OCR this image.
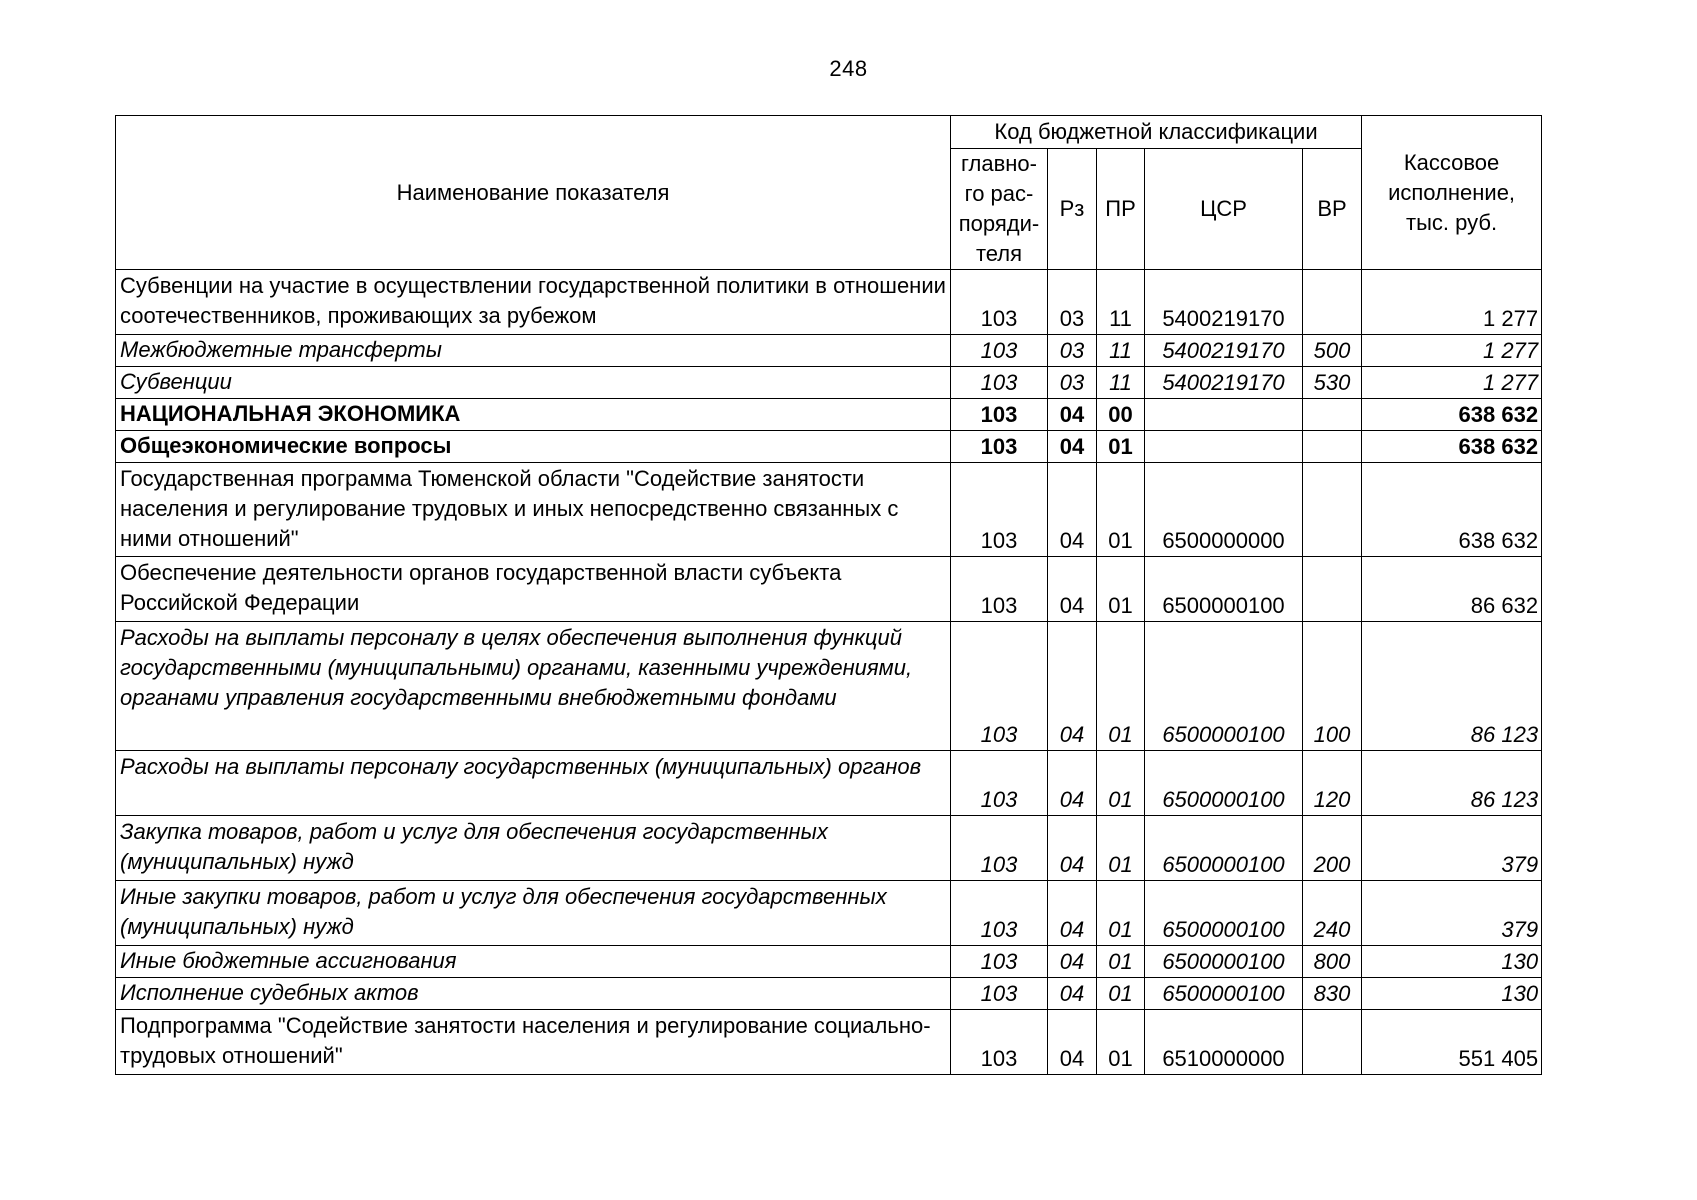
248
Наименование показателя	Код бюджетной классификации					Кассовое
исполнение,
тыс. руб.

	главно-
го рас-
поряди-
теля	Рз	ПР	ЦСР	ВР	
Субвенции на участие в осуществлении государственной политики в отношении соотечественников, проживающих за рубежом	103	03	11	5400219170		1 277
Межбюджетные трансферты	103	03	11	5400219170	500	1 277
Субвенции	103	03	11	5400219170	530	1 277
НАЦИОНАЛЬНАЯ ЭКОНОМИКА	103	04	00			638 632
Общеэкономические вопросы	103	04	01			638 632
Государственная программа Тюменской области "Содействие занятости населения и регулирование трудовых и иных непосредственно связанных с ними отношений"	103	04	01	6500000000		638 632
Обеспечение деятельности органов государственной власти субъекта Российской Федерации	103	04	01	6500000100		86 632
Расходы на выплаты персоналу в целях обеспечения выполнения функций государственными (муниципальными) органами, казенными учреждениями, органами управления государственными внебюджетными фондами	103	04	01	6500000100	100	86 123
Расходы на выплаты персоналу государственных (муниципальных) органов	103	04	01	6500000100	120	86 123
Закупка товаров, работ и услуг для обеспечения государственных (муниципальных) нужд	103	04	01	6500000100	200	379
Иные закупки товаров, работ и услуг для обеспечения государственных (муниципальных) нужд	103	04	01	6500000100	240	379
Иные бюджетные ассигнования	103	04	01	6500000100	800	130
Исполнение судебных актов	103	04	01	6500000100	830	130
Подпрограмма "Содействие занятости населения и регулирование социально-трудовых отношений"	103	04	01	6510000000		551 405
